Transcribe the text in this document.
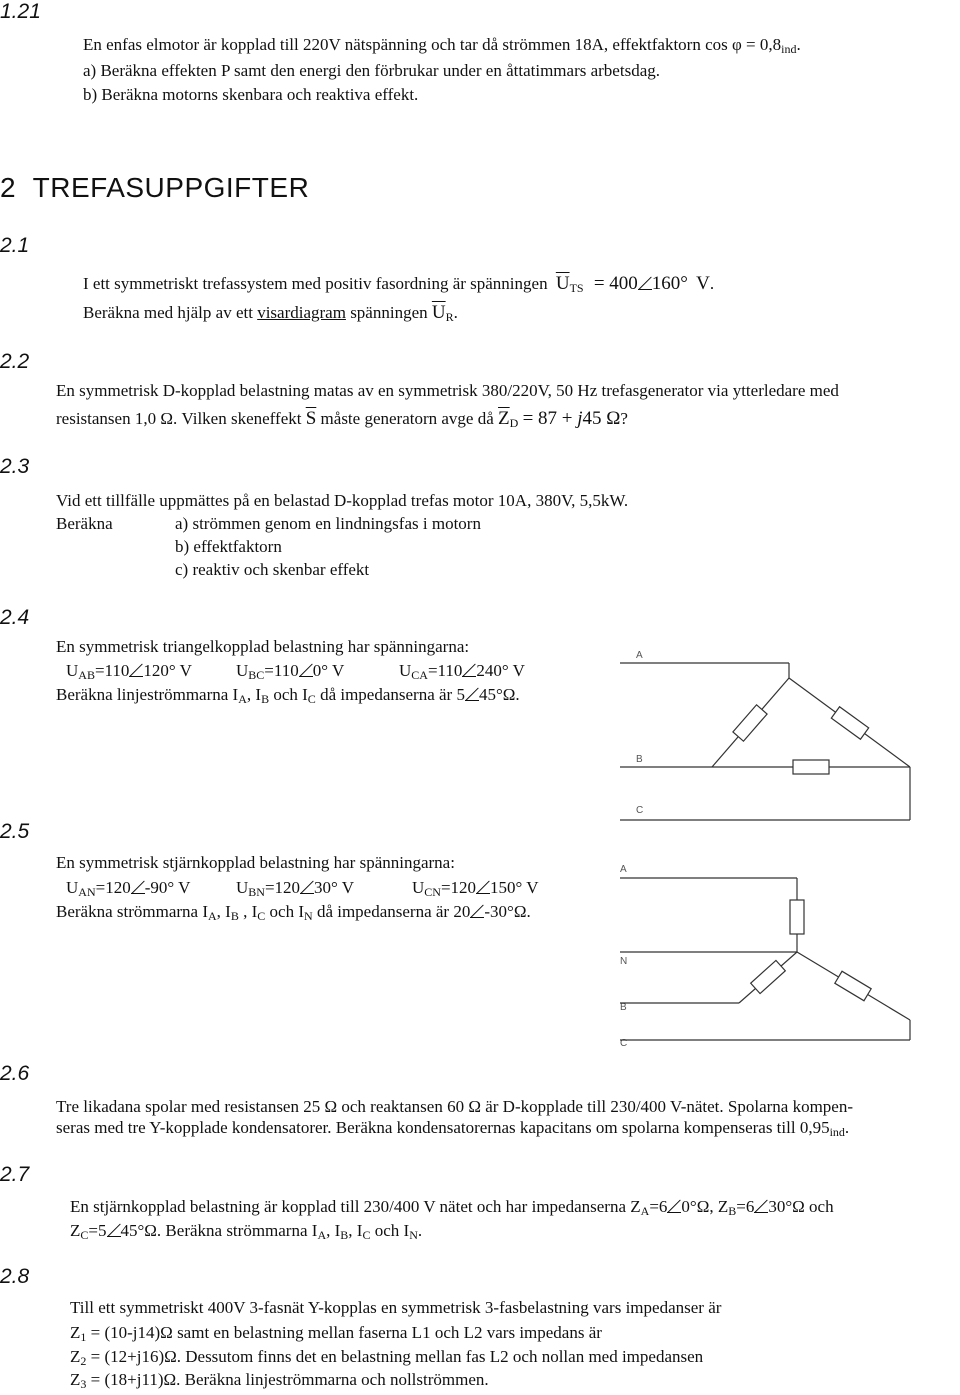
1.21
En enfas elmotor är kopplad till 220V nätspänning och tar då strömmen 18A, effektfaktorn $\cos \varphi = 0,8_{ind}$.
a) Beräkna effekten P samt den energi den förbrukar under en åttatimmars arbetsdag.
b) Beräkna motorns skenbara och reaktiva effekt.
2 TREFASUPPGIFTER
2.1
I ett symmetriskt trefassystem med positiv fasordning är spänningen $\overline{U}_{TS} = 400$ 160° V.
Beräkna med hjälp av ett visardiagram spänningen $\overline{U}_R$.
2.2
En symmetrisk D-kopplad belastning matas av en symmetrisk 380/220V, 50 Hz trefasgenerator via ytterledare med
resistansen 1,0 Ω. Vilken skeneffekt $\overline{S}$ måste generatorn avge då $\overline{Z}_D = 87 + j45$ Ω?
2.3
Vid ett tillfälle uppmättes på en belastad D-kopplad trefas motor 10A, 380V, 5,5kW.
Beräkna	a) strömmen genom en lindningsfas i motorn
b) effektfaktorn
c) reaktiv och skenbar effekt
2.4
En symmetrisk triangelkopplad belastning har spänningarna:
$U_{AB}=110$ 120° V	$U_{BC}=110$ 0° V	$U_{CA}=110$ 240° V
Beräkna linjeströmmarna $I_A$, $I_B$ och $I_C$ då impedanserna är 5 45°Ω.
A
B
C
2.5
En symmetrisk stjärnkopplad belastning har spänningarna:
$U_{AN}=120$ -90° V	$U_{BN}=120$ 30° V	$U_{CN}=120$ 150° V
Beräkna strömmarna $I_A$, $I_B$ , $I_C$ och $I_N$ då impedanserna är 20 -30°Ω.
A
N
B
C
2.6
Tre likadana spolar med resistansen 25 Ω och reaktansen 60 Ω är D-kopplade till 230/400 V-nätet. Spolarna kompen-
seras med tre Y-kopplade kondensatorer. Beräkna kondensatorernas kapacitans om spolarna kompenseras till $0,95_{ind}$.
2.7
En stjärnkopplad belastning är kopplad till 230/400 V nätet och har impedanserna $Z_A=6$ 0°Ω, $Z_B=6$ 30°Ω och
$Z_C=5$ 45°Ω. Beräkna strömmarna $I_A$, $I_B$, $I_C$ och $I_N$.
2.8
Till ett symmetriskt 400V 3-fasnät Y-kopplas en symmetrisk 3-fasbelastning vars impedanser är
$Z_1 = (10-j14)\Omega$ samt en belastning mellan faserna L1 och L2 vars impedans är
$Z_2 = (12+j16)\Omega$. Dessutom finns det en belastning mellan fas L2 och nollan med impedansen
$Z_3 = (18+j11)\Omega$. Beräkna linjeströmmarna och nollströmmen.
